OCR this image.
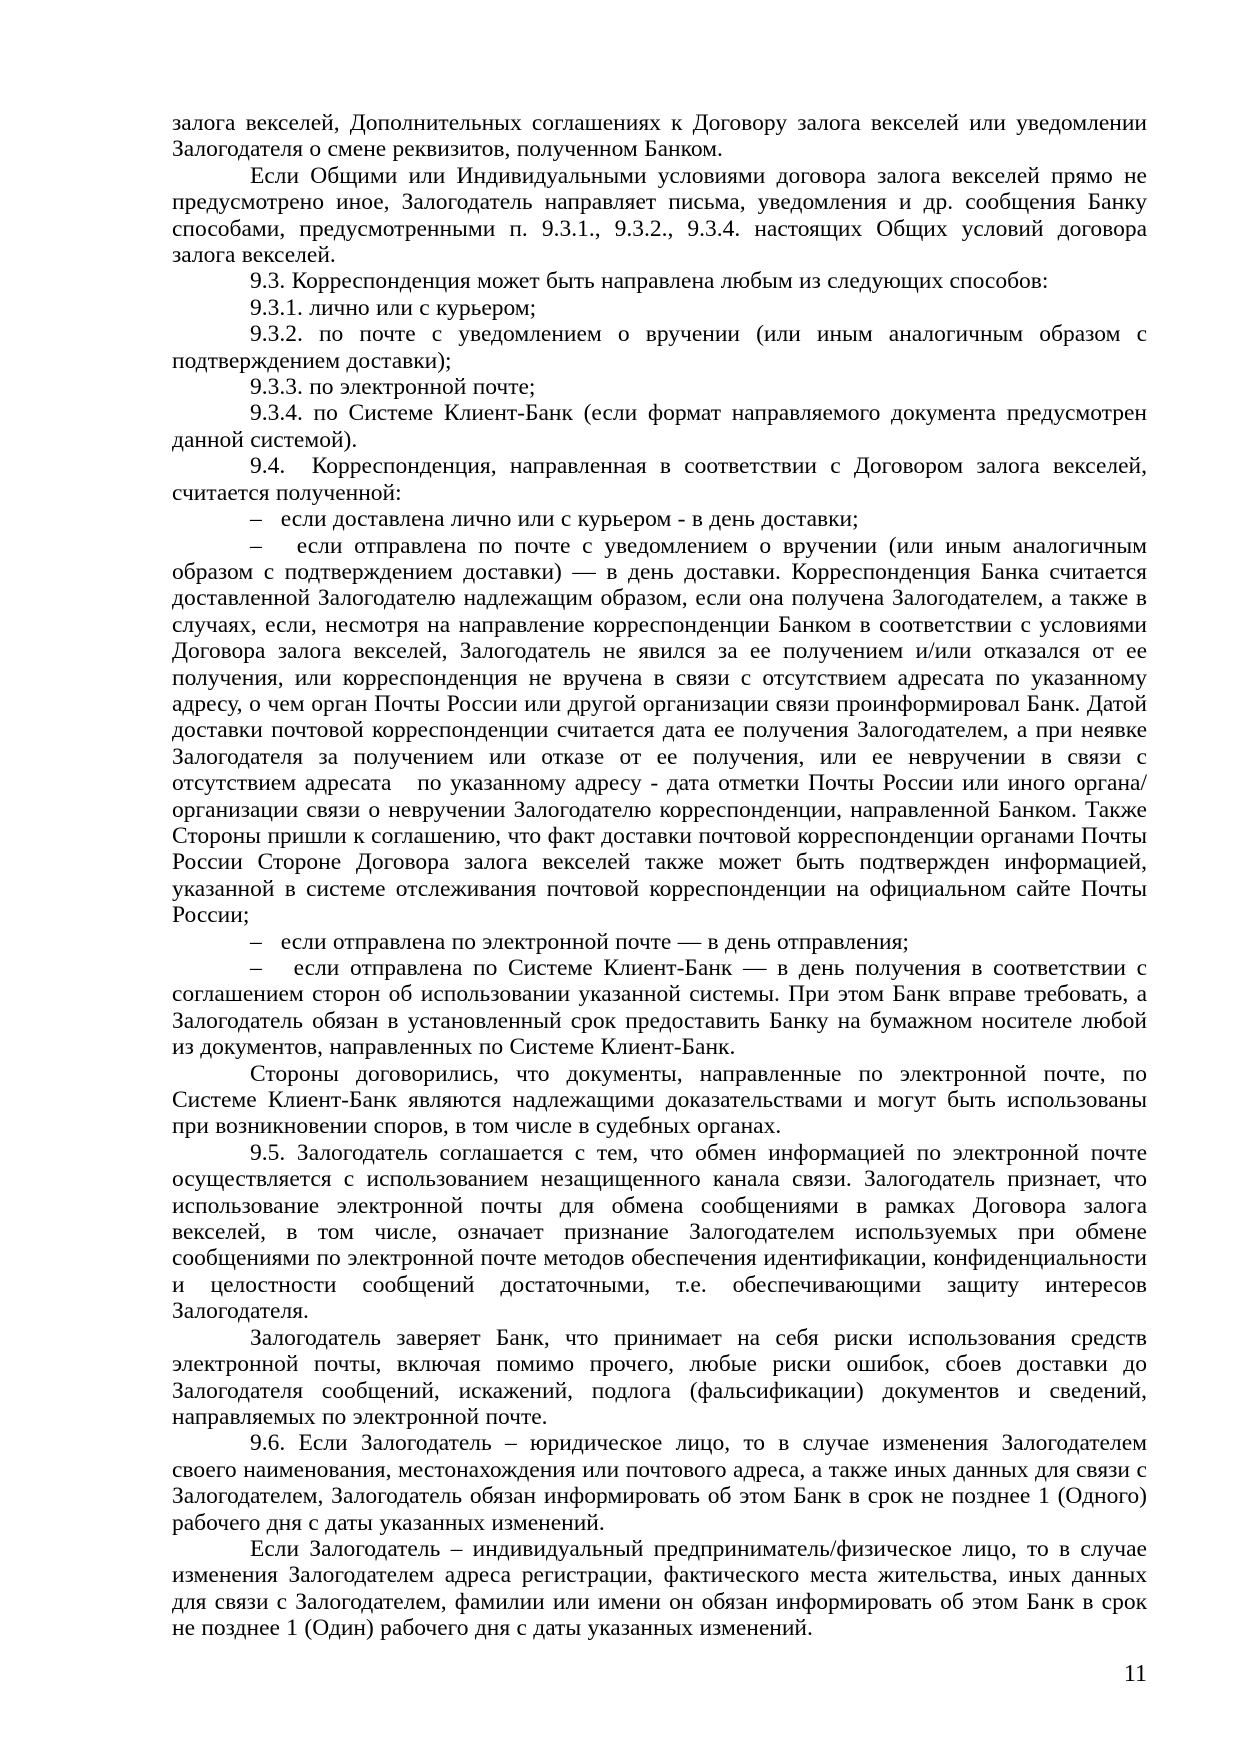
залога векселей, Дополнительных соглашениях к Договору залога векселей или уведомлении Залогодателя о смене реквизитов, полученном Банком.

Если Общими или Индивидуальными условиями договора залога векселей прямо не предусмотрено иное, Залогодатель направляет письма, уведомления и др. сообщения Банку способами, предусмотренными п. 9.3.1., 9.3.2., 9.3.4. настоящих Общих условий договора залога векселей.

9.3. Корреспонденция может быть направлена любым из следующих способов:

9.3.1. лично или с курьером;

9.3.2. по почте с уведомлением о вручении (или иным аналогичным образом с подтверждением доставки);

9.3.3. по электронной почте;

9.3.4. по Системе Клиент-Банк (если формат направляемого документа предусмотрен данной системой).

9.4.  Корреспонденция, направленная в соответствии с Договором залога векселей, считается полученной:

–   если доставлена лично или с курьером - в день доставки;

–   если отправлена по почте с уведомлением о вручении (или иным аналогичным образом с подтверждением доставки) — в день доставки. Корреспонденция Банка считается доставленной Залогодателю надлежащим образом, если она получена Залогодателем, а также в случаях, если, несмотря на направление корреспонденции Банком в соответствии с условиями Договора залога векселей, Залогодатель не явился за ее получением и/или отказался от ее получения, или корреспонденция не вручена в связи с отсутствием адресата по указанному адресу, о чем орган Почты России или другой организации связи проинформировал Банк. Датой доставки почтовой корреспонденции считается дата ее получения Залогодателем, а при неявке Залогодателя за получением или отказе от ее получения, или ее невручении в связи с отсутствием адресата   по указанному адресу - дата отметки Почты России или иного органа/организации связи о невручении Залогодателю корреспонденции, направленной Банком. Также Стороны пришли к соглашению, что факт доставки почтовой корреспонденции органами Почты России Стороне Договора залога векселей также может быть подтвержден информацией, указанной в системе отслеживания почтовой корреспонденции на официальном сайте Почты России;

–   если отправлена по электронной почте — в день отправления;

–   если отправлена по Системе Клиент-Банк — в день получения в соответствии с соглашением сторон об использовании указанной системы. При этом Банк вправе требовать, а Залогодатель обязан в установленный срок предоставить Банку на бумажном носителе любой из документов, направленных по Системе Клиент-Банк.

Стороны договорились, что документы, направленные по электронной почте, по Системе Клиент-Банк являются надлежащими доказательствами и могут быть использованы при возникновении споров, в том числе в судебных органах.

9.5. Залогодатель соглашается с тем, что обмен информацией по электронной почте осуществляется с использованием незащищенного канала связи. Залогодатель признает, что использование электронной почты для обмена сообщениями в рамках Договора залога векселей, в том числе, означает признание Залогодателем используемых при обмене сообщениями по электронной почте методов обеспечения идентификации, конфиденциальности и целостности сообщений достаточными, т.е. обеспечивающими защиту интересов Залогодателя.

Залогодатель заверяет Банк, что принимает на себя риски использования средств электронной почты, включая помимо прочего, любые риски ошибок, сбоев доставки до Залогодателя сообщений, искажений, подлога (фальсификации) документов и сведений, направляемых по электронной почте.

9.6. Если Залогодатель – юридическое лицо, то в случае изменения Залогодателем своего наименования, местонахождения или почтового адреса, а также иных данных для связи с Залогодателем, Залогодатель обязан информировать об этом Банк в срок не позднее 1 (Одного) рабочего дня с даты указанных изменений.

Если Залогодатель – индивидуальный предприниматель/физическое лицо, то в случае изменения Залогодателем адреса регистрации, фактического места жительства, иных данных для связи с Залогодателем, фамилии или имени он обязан информировать об этом Банк в срок не позднее 1 (Один) рабочего дня с даты указанных изменений.

11
